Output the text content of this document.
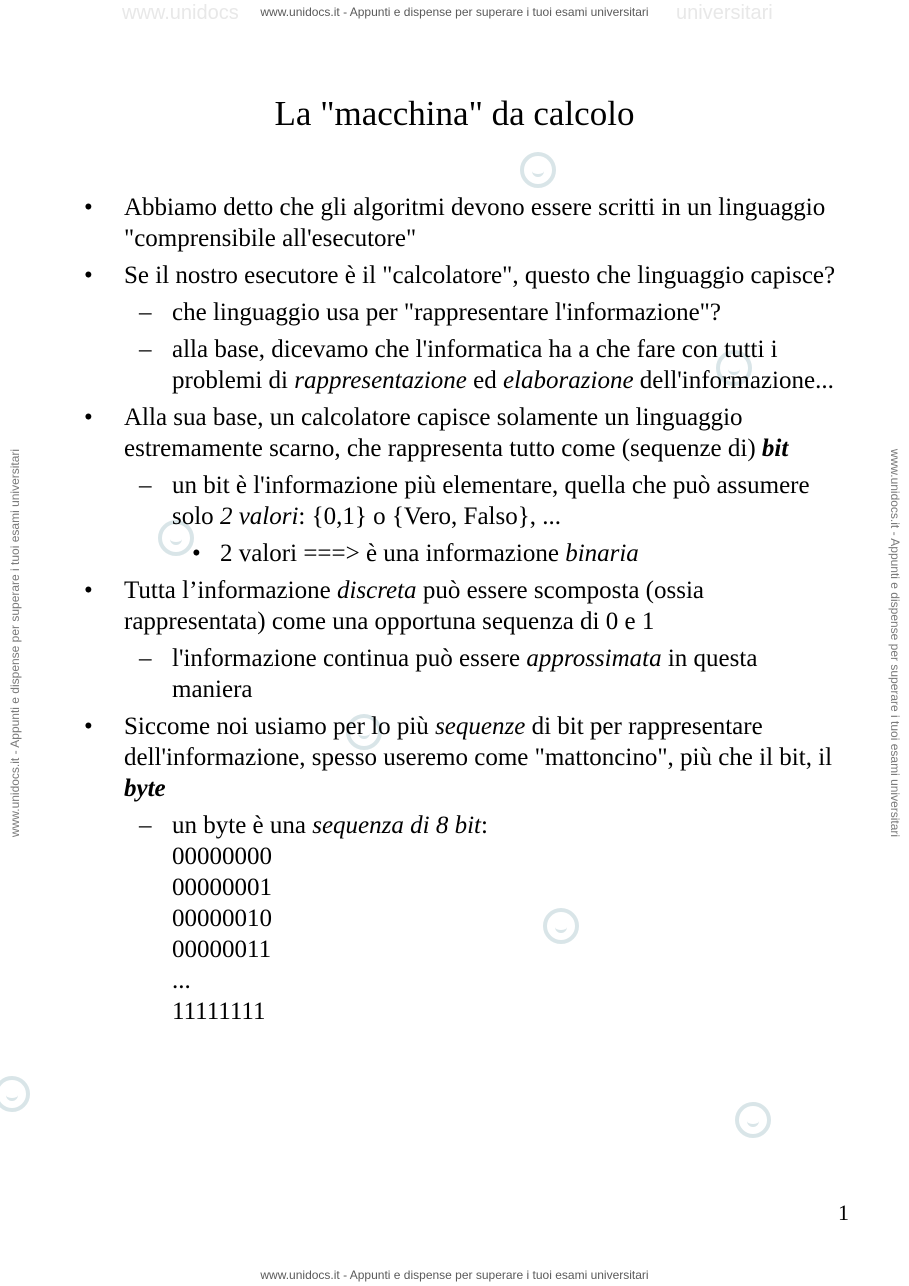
www.unidocs.it - Appunti e dispense per superare i tuoi esami universitari
www.unidocs.it - Appunti e dispense per superare i tuoi esami universitari
www.unidocs.it - Appunti e dispense per superare i tuoi esami universitari	www.unidocs.it - Appunti e dispense per superare i tuoi esami universitari
www.unidocs	universitari
La "macchina" da calcolo
• Abbiamo detto che gli algoritmi devono essere scritti in un linguaggio "comprensibile all'esecutore"
• Se il nostro esecutore è il "calcolatore", questo che linguaggio capisce?
– che linguaggio usa per "rappresentare l'informazione"?
– alla base, dicevamo che l'informatica ha a che fare con tutti i problemi di rappresentazione ed elaborazione dell'informazione...
• Alla sua base, un calcolatore capisce solamente un linguaggio estremamente scarno, che rappresenta tutto come (sequenze di) bit
– un bit è l'informazione più elementare, quella che può assumere solo 2 valori: {0,1} o {Vero, Falso}, ...
• 2 valori ===> è una informazione binaria
• Tutta l’informazione discreta può essere scomposta (ossia rappresentata) come una opportuna sequenza di 0 e 1
– l'informazione continua può essere approssimata in questa maniera
• Siccome noi usiamo per lo più sequenze di bit per rappresentare dell'informazione, spesso useremo come "mattoncino", più che il bit, il byte
– un byte è una sequenza di 8 bit:
00000000
00000001
00000010
00000011
...
11111111
1
